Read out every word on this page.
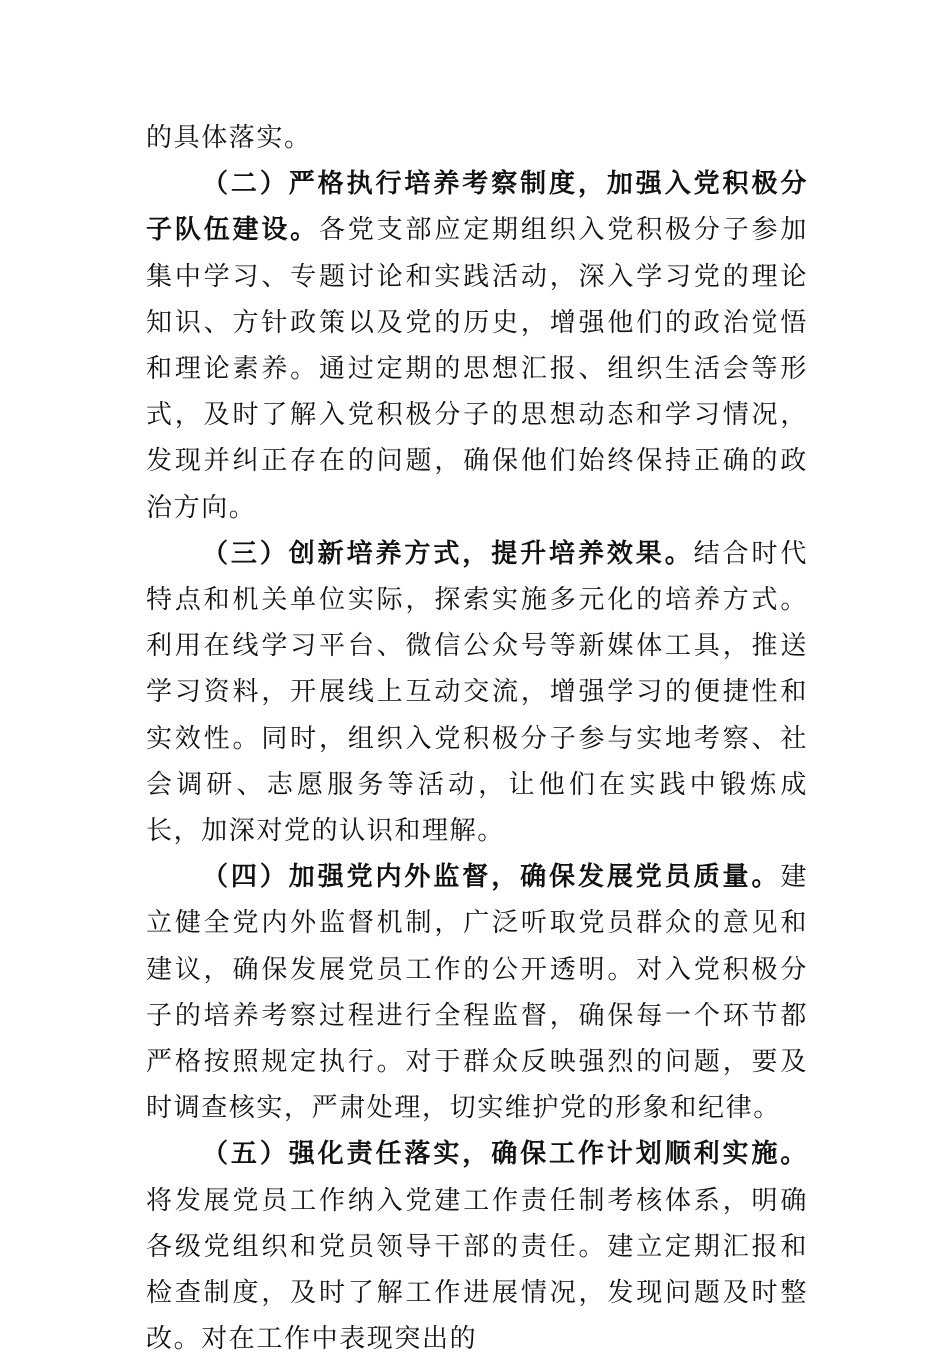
的具体落实。

（二）严格执行培养考察制度，加强入党积极分子队伍建设。各党支部应定期组织入党积极分子参加集中学习、专题讨论和实践活动，深入学习党的理论知识、方针政策以及党的历史，增强他们的政治觉悟和理论素养。通过定期的思想汇报、组织生活会等形式，及时了解入党积极分子的思想动态和学习情况，发现并纠正存在的问题，确保他们始终保持正确的政治方向。

（三）创新培养方式，提升培养效果。结合时代特点和机关单位实际，探索实施多元化的培养方式。利用在线学习平台、微信公众号等新媒体工具，推送学习资料，开展线上互动交流，增强学习的便捷性和实效性。同时，组织入党积极分子参与实地考察、社会调研、志愿服务等活动，让他们在实践中锻炼成长，加深对党的认识和理解。

（四）加强党内外监督，确保发展党员质量。建立健全党内外监督机制，广泛听取党员群众的意见和建议，确保发展党员工作的公开透明。对入党积极分子的培养考察过程进行全程监督，确保每一个环节都严格按照规定执行。对于群众反映强烈的问题，要及时调查核实，严肃处理，切实维护党的形象和纪律。

（五）强化责任落实，确保工作计划顺利实施。将发展党员工作纳入党建工作责任制考核体系，明确各级党组织和党员领导干部的责任。建立定期汇报和检查制度，及时了解工作进展情况，发现问题及时整改。对在工作中表现突出的
